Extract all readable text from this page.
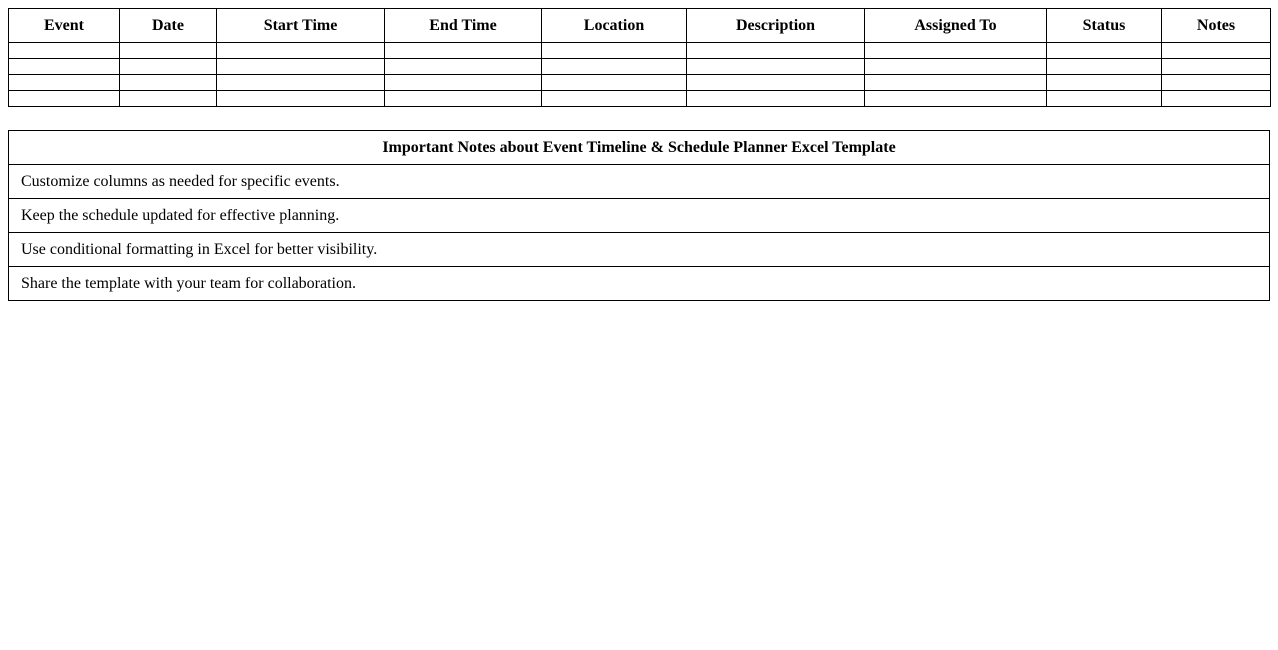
Event	Date	Start Time	End Time	Location	Description	Assigned To	Status	Notes

Important Notes about Event Timeline & Schedule Planner Excel Template
Customize columns as needed for specific events.
Keep the schedule updated for effective planning.
Use conditional formatting in Excel for better visibility.
Share the template with your team for collaboration.
